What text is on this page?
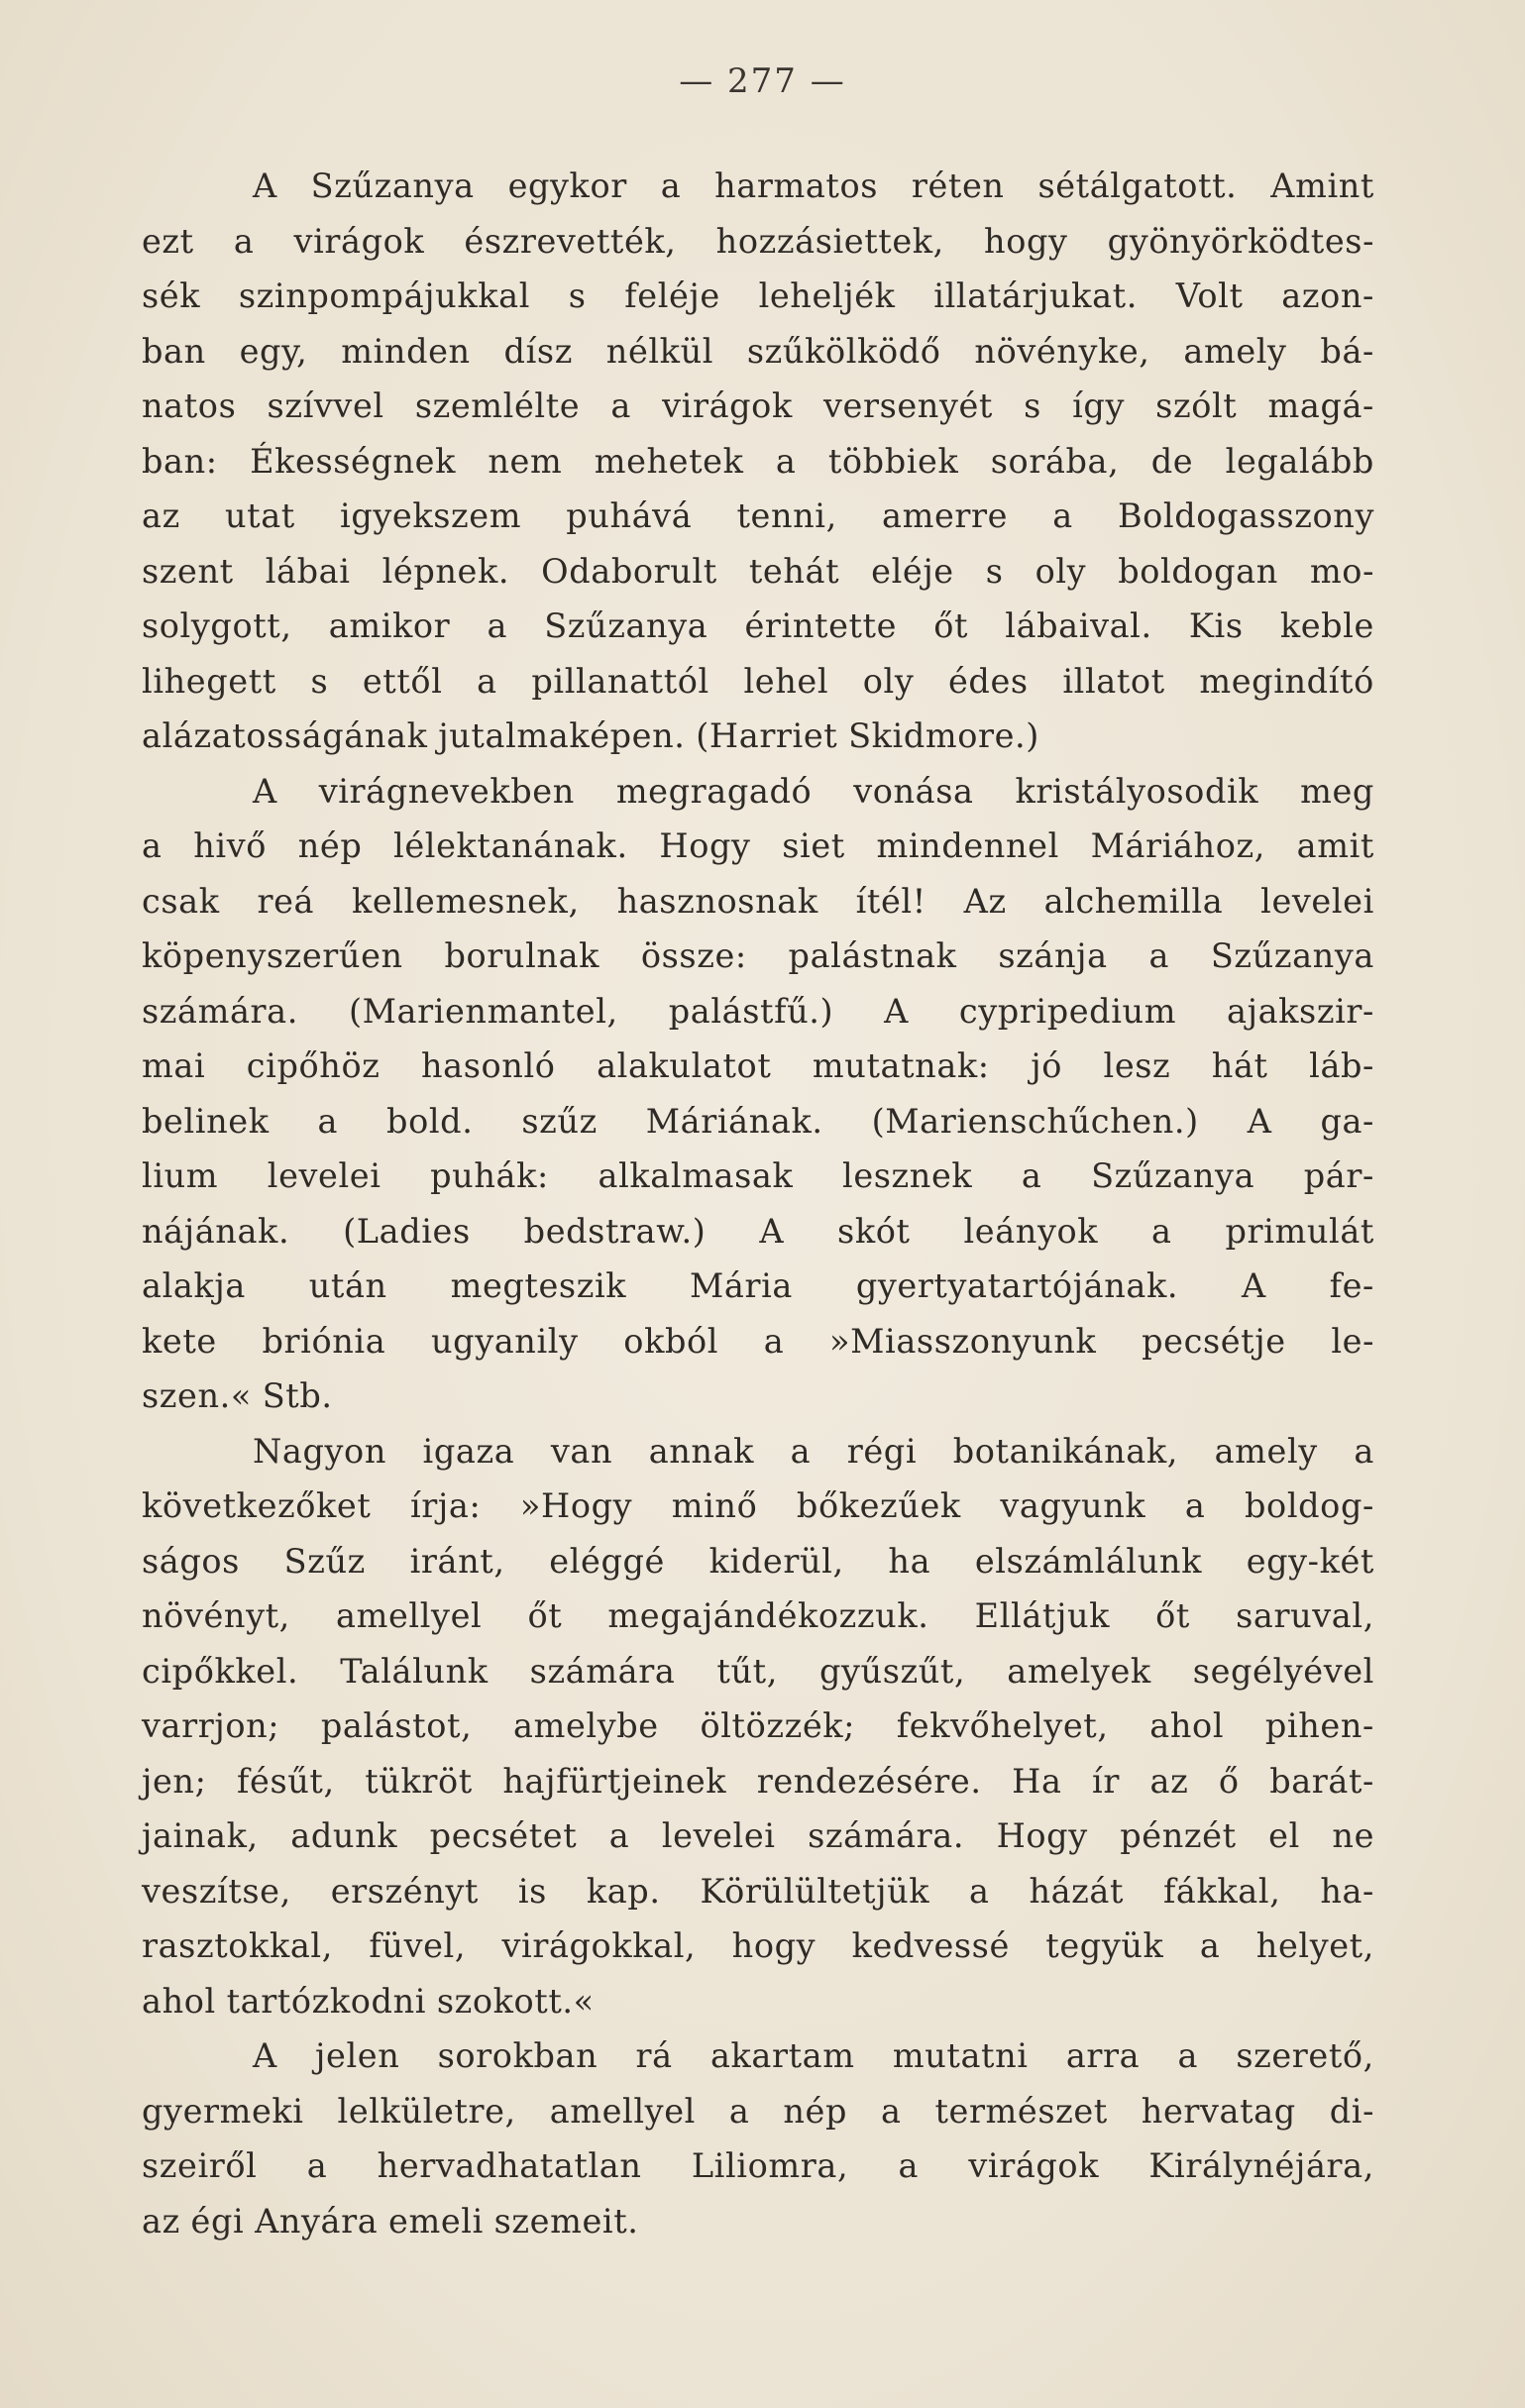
— 277 —
A Szűzanya egykor a harmatos réten sétálgatott. Amint
ezt a virágok észrevették, hozzásiettek, hogy gyönyörködtes-
sék szinpompájukkal s feléje leheljék illatárjukat. Volt azon-
ban egy, minden dísz nélkül szűkölködő növényke, amely bá-
natos szívvel szemlélte a virágok versenyét s így szólt magá-
ban: Ékességnek nem mehetek a többiek sorába, de legalább
az utat igyekszem puhává tenni, amerre a Boldogasszony
szent lábai lépnek. Odaborult tehát eléje s oly boldogan mo-
solygott, amikor a Szűzanya érintette őt lábaival. Kis keble
lihegett s ettől a pillanattól lehel oly édes illatot megindító
alázatosságának jutalmaképen. (Harriet Skidmore.)
A virágnevekben megragadó vonása kristályosodik meg
a hivő nép lélektanának. Hogy siet mindennel Máriához, amit
csak reá kellemesnek, hasznosnak ítél! Az alchemilla levelei
köpenyszerűen borulnak össze: palástnak szánja a Szűzanya
számára. (Marienmantel, palástfű.) A cypripedium ajakszir-
mai cipőhöz hasonló alakulatot mutatnak: jó lesz hát láb-
belinek a bold. szűz Máriának. (Marienschűchen.) A ga-
lium levelei puhák: alkalmasak lesznek a Szűzanya pár-
nájának. (Ladies bedstraw.) A skót leányok a primulát
alakja után megteszik Mária gyertyatartójának. A fe-
kete briónia ugyanily okból a »Miasszonyunk pecsétje le-
szen.« Stb.
Nagyon igaza van annak a régi botanikának, amely a
következőket írja: »Hogy minő bőkezűek vagyunk a boldog-
ságos Szűz iránt, eléggé kiderül, ha elszámlálunk egy-két
növényt, amellyel őt megajándékozzuk. Ellátjuk őt saruval,
cipőkkel. Találunk számára tűt, gyűszűt, amelyek segélyével
varrjon; palástot, amelybe öltözzék; fekvőhelyet, ahol pihen-
jen; fésűt, tükröt hajfürtjeinek rendezésére. Ha ír az ő barát-
jainak, adunk pecsétet a levelei számára. Hogy pénzét el ne
veszítse, erszényt is kap. Körülültetjük a házát fákkal, ha-
rasztokkal, füvel, virágokkal, hogy kedvessé tegyük a helyet,
ahol tartózkodni szokott.«
A jelen sorokban rá akartam mutatni arra a szerető,
gyermeki lelkületre, amellyel a nép a természet hervatag di-
szeiről a hervadhatatlan Liliomra, a virágok Királynéjára,
az égi Anyára emeli szemeit.
